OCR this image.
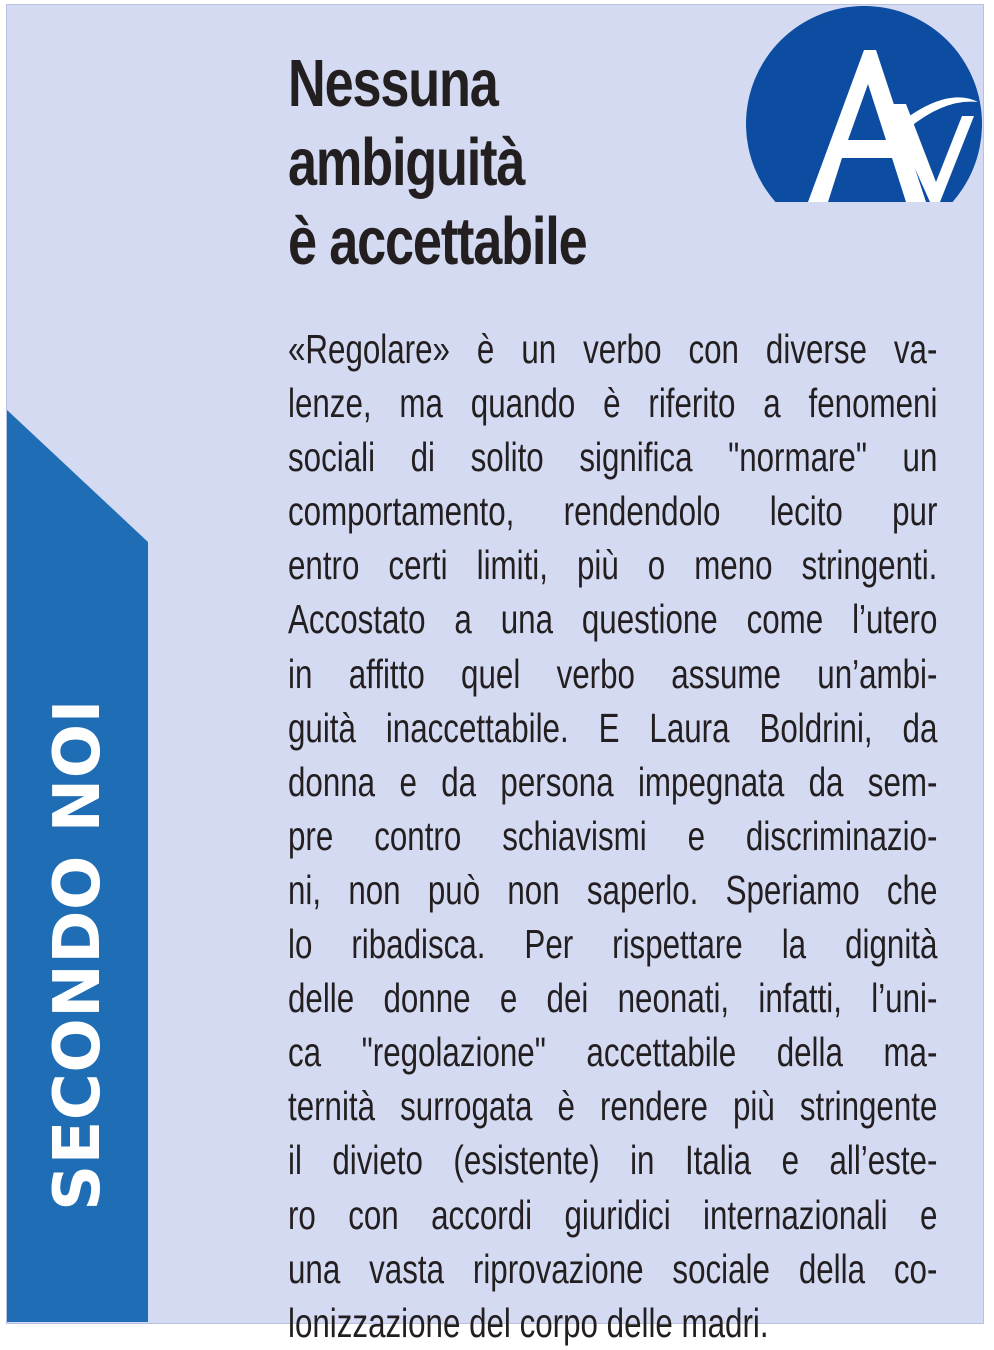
SECONDO NOI
Nessuna
ambiguità
è accettabile
«Regolare» è un verbo con diverse va-
lenze, ma quando è riferito a fenomeni
sociali di solito significa "normare" un
comportamento, rendendolo lecito pur
entro certi limiti, più o meno stringenti.
Accostato a una questione come l’utero
in affitto quel verbo assume un’ambi-
guità inaccettabile. E Laura Boldrini, da
donna e da persona impegnata da sem-
pre contro schiavismi e discriminazio-
ni, non può non saperlo. Speriamo che
lo ribadisca. Per rispettare la dignità
delle donne e dei neonati, infatti, l’uni-
ca "regolazione" accettabile della ma-
ternità surrogata è rendere più stringente
il divieto (esistente) in Italia e all’este-
ro con accordi giuridici internazionali e
una vasta riprovazione sociale della co-
lonizzazione del corpo delle madri.
